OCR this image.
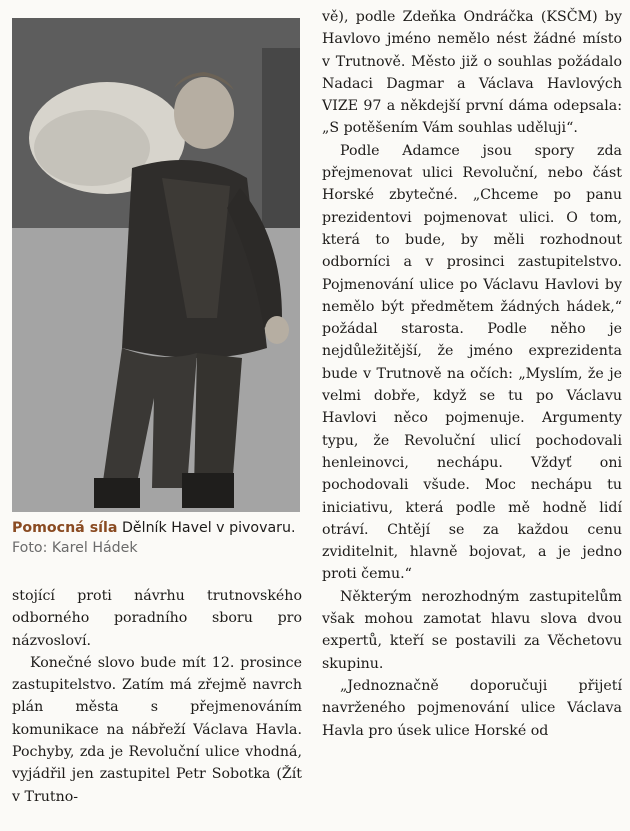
Pomocná síla Dělník Havel v pivovaru. Foto: Karel Hádek

stojící proti návrhu trutnovského odborného poradního sboru pro názvosloví.

Konečné slovo bude mít 12. prosince zastupitelstvo. Zatím má zřejmě navrch plán města s přejmenováním komunikace na nábřeží Václava Havla. Pochyby, zda je Revoluční ulice vhodná, vyjádřil jen zastupitel Petr Sobotka (Žít v Trutno-

vě), podle Zdeňka Ondráčka (KSČM) by Havlovo jméno nemělo nést žádné místo v Trutnově. Město již o souhlas požádalo Nadaci Dagmar a Václava Havlových VIZE 97 a někdejší první dáma odepsala: „S potěšením Vám souhlas uděluji“.

Podle Adamce jsou spory zda přejmenovat ulici Revoluční, nebo část Horské zbytečné. „Chceme po panu prezidentovi pojmenovat ulici. O tom, která to bude, by měli rozhodnout odborníci a v prosinci zastupitelstvo. Pojmenování ulice po Václavu Havlovi by nemělo být předmětem žádných hádek,“ požádal starosta. Podle něho je nejdůležitější, že jméno exprezidenta bude v Trutnově na očích: „Myslím, že je velmi dobře, když se tu po Václavu Havlovi něco pojmenuje. Argumenty typu, že Revoluční ulicí pochodovali henleinovci, nechápu. Vždyť oni pochodovali všude. Moc nechápu tu iniciativu, která podle mě hodně lidí otráví. Chtějí se za každou cenu zviditelnit, hlavně bojovat, a je jedno proti čemu.“

Některým nerozhodným zastupitelům však mohou zamotat hlavu slova dvou expertů, kteří se postavili za Věchetovu skupinu.

„Jednoznačně doporučuji přijetí navrženého pojmenování ulice Václava Havla pro úsek ulice Horské od
